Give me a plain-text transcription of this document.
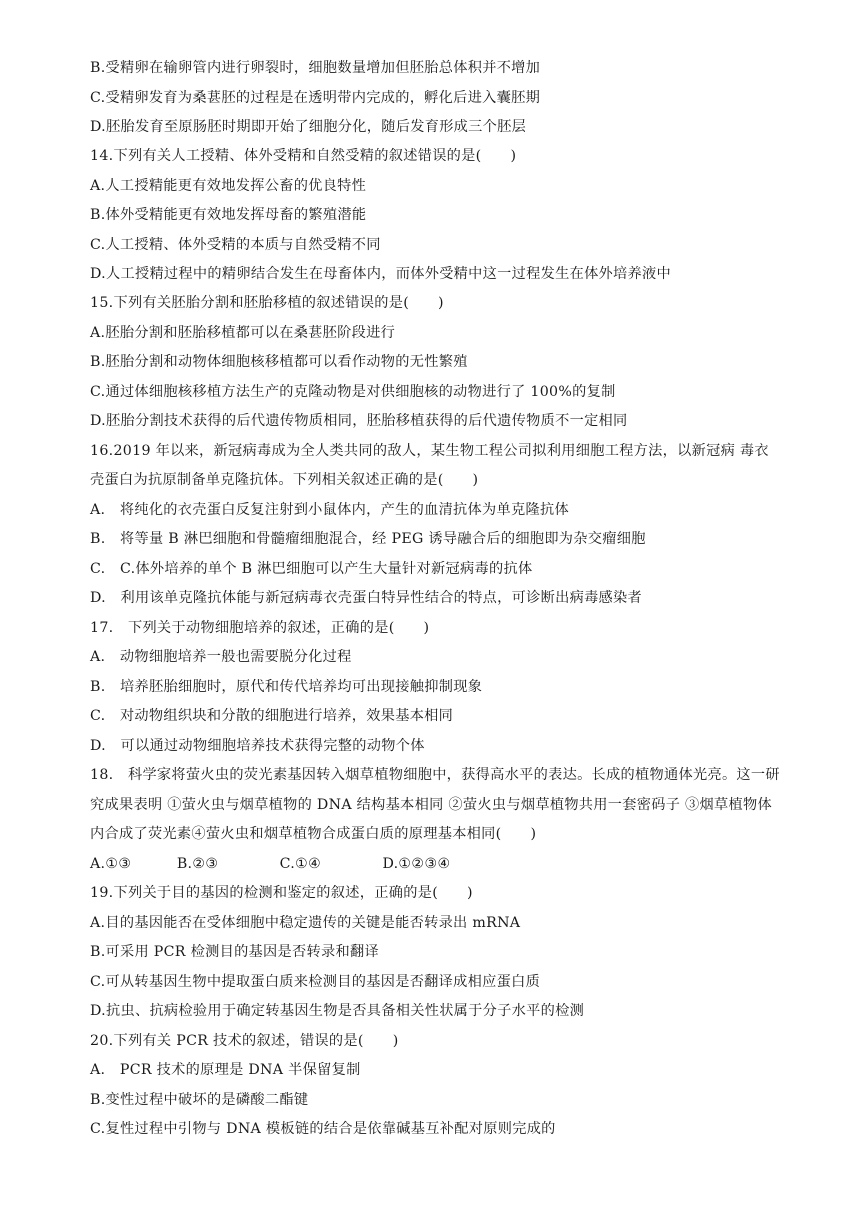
B.受精卵在输卵管内进行卵裂时，细胞数量增加但胚胎总体积并不增加
C.受精卵发育为桑葚胚的过程是在透明带内完成的，孵化后进入囊胚期
D.胚胎发育至原肠胚时期即开始了细胞分化，随后发育形成三个胚层
14.下列有关人工授精、体外受精和自然受精的叙述错误的是(　　)
A.人工授精能更有效地发挥公畜的优良特性
B.体外受精能更有效地发挥母畜的繁殖潜能
C.人工授精、体外受精的本质与自然受精不同
D.人工授精过程中的精卵结合发生在母畜体内，而体外受精中这一过程发生在体外培养液中
15.下列有关胚胎分割和胚胎移植的叙述错误的是(　　)
A.胚胎分割和胚胎移植都可以在桑葚胚阶段进行
B.胚胎分割和动物体细胞核移植都可以看作动物的无性繁殖
C.通过体细胞核移植方法生产的克隆动物是对供细胞核的动物进行了 100%的复制
D.胚胎分割技术获得的后代遗传物质相同，胚胎移植获得的后代遗传物质不一定相同
16.2019 年以来，新冠病毒成为全人类共同的敌人，某生物工程公司拟利用细胞工程方法，以新冠病 毒衣
壳蛋白为抗原制备单克隆抗体。下列相关叙述正确的是(　　)
A.　将纯化的衣壳蛋白反复注射到小鼠体内，产生的血清抗体为单克隆抗体
B.　将等量 B 淋巴细胞和骨髓瘤细胞混合，经 PEG 诱导融合后的细胞即为杂交瘤细胞
C.　C.体外培养的单个 B 淋巴细胞可以产生大量针对新冠病毒的抗体
D.　利用该单克隆抗体能与新冠病毒衣壳蛋白特异性结合的特点，可诊断出病毒感染者
17.　下列关于动物细胞培养的叙述，正确的是(　　)
A.　动物细胞培养一般也需要脱分化过程
B.　培养胚胎细胞时，原代和传代培养均可出现接触抑制现象
C.　对动物组织块和分散的细胞进行培养，效果基本相同
D.　可以通过动物细胞培养技术获得完整的动物个体
18.　科学家将萤火虫的荧光素基因转入烟草植物细胞中，获得高水平的表达。长成的植物通体光亮。这一研
究成果表明 ①萤火虫与烟草植物的 DNA 结构基本相同 ②萤火虫与烟草植物共用一套密码子 ③烟草植物体
内合成了荧光素④萤火虫和烟草植物合成蛋白质的原理基本相同(　　)
A.①③	B.②③	C.①④	D.①②③④
19.下列关于目的基因的检测和鉴定的叙述，正确的是(　　)
A.目的基因能否在受体细胞中稳定遗传的关键是能否转录出 mRNA
B.可采用 PCR 检测目的基因是否转录和翻译
C.可从转基因生物中提取蛋白质来检测目的基因是否翻译成相应蛋白质
D.抗虫、抗病检验用于确定转基因生物是否具备相关性状属于分子水平的检测
20.下列有关 PCR 技术的叙述，错误的是(　　)
A.　PCR 技术的原理是 DNA 半保留复制
B.变性过程中破坏的是磷酸二酯键
C.复性过程中引物与 DNA 模板链的结合是依靠碱基互补配对原则完成的
